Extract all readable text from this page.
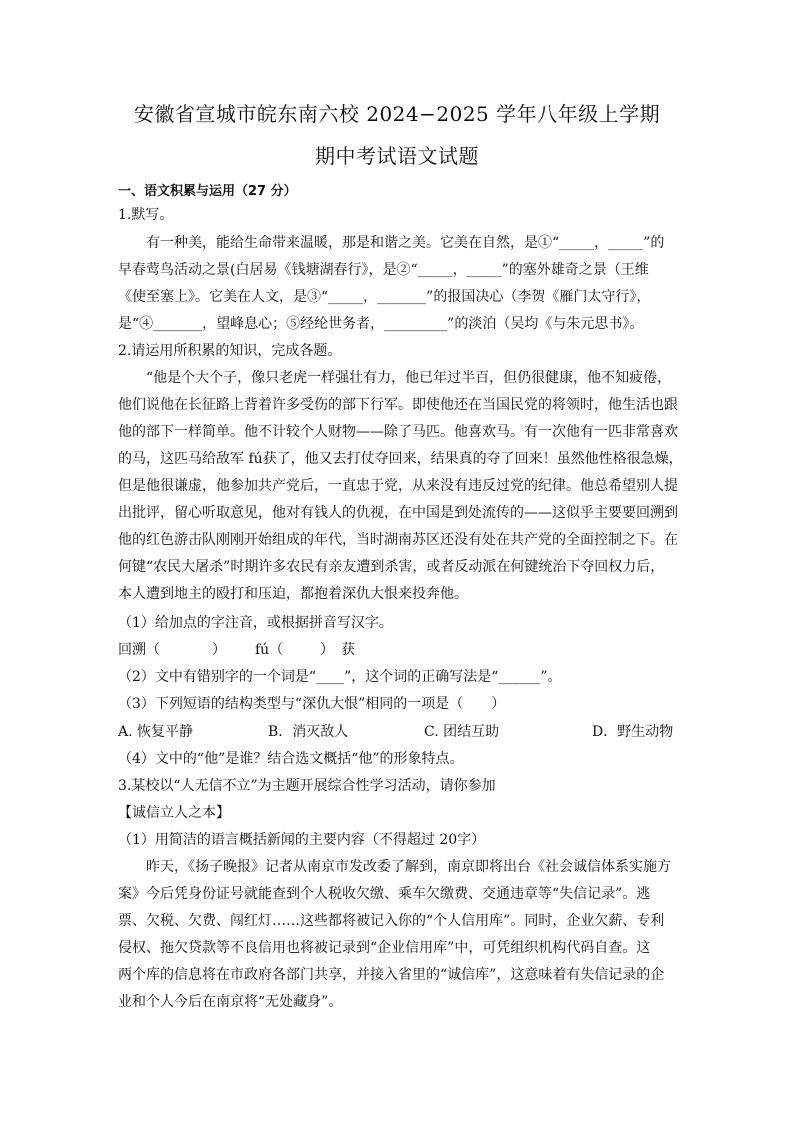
安徽省宣城市皖东南六校 2024−2025 学年八年级上学期
期中考试语文试题
一、语文积累与运用（27 分）
1.默写。
有一种美，能给生命带来温暖，那是和谐之美。它美在自然，是①“_____，_____”的
早春莺鸟活动之景(白居易《钱塘湖春行》，是②“_____，_____”的塞外雄奇之景（王维
《使至塞上》。它美在人文，是③“_____，_______”的报国决心（李贺《雁门太守行》，
是“④_______，望峰息心；⑤经纶世务者，_________”的淡泊（吴均《与朱元思书》。
2.请运用所积累的知识，完成各题。
“他是个大个子，像只老虎一样强壮有力，他已年过半百，但仍很健康，他不知疲倦，
他们说他在长征路上背着许多受伤的部下行军。即使他还在当国民党的将领时，他生活也跟
他的部下一样简单。他不计较个人财物——除了马匹。他喜欢马。有一次他有一匹非常喜欢
的马，这匹马给敌军 fú获了，他又去打仗夺回来，结果真的夺了回来！虽然他性格很急燥，
但是他很谦虚，他参加共产党后，一直忠于党，从来没有违反过党的纪律。他总希望别人提
出批评，留心听取意见，他对有钱人的仇视，在中国是到处流传的——这似乎主要要回溯到
他的红色游击队刚刚开始组成的年代，当时湖南苏区还没有处在共产党的全面控制之下。在
何键“农民大屠杀”时期许多农民有亲友遭到杀害，或者反动派在何键统治下夺回权力后，
本人遭到地主的殴打和压迫，都抱着深仇大恨来投奔他。
（1）给加点的字注音，或根据拼音写汉字。
回溯（	） fú（	）　获
（2）文中有错别字的一个词是“____”，这个词的正确写法是“______”。
（3）下列短语的结构类型与“深仇大恨”相同的一项是（　　）
A. 恢复平静	B．消灭敌人	C. 团结互助	D．野生动物
（4）文中的“他”是谁？结合选文概括“他”的形象特点。
3.某校以“人无信不立”为主题开展综合性学习活动，请你参加
【诚信立人之本】
（1）用简洁的语言概括新闻的主要内容（不得超过 20字）
昨天，《扬子晚报》记者从南京市发改委了解到，南京即将出台《社会诚信体系实施方
案》今后凭身份证号就能查到个人税收欠缴、乘车欠缴费、交通违章等“失信记录”。逃
票、欠税、欠费、闯红灯……这些都将被记入你的“个人信用库”。同时，企业欠薪、专利
侵权、拖欠贷款等不良信用也将被记录到“企业信用库”中，可凭组织机构代码自查。这
两个库的信息将在市政府各部门共享，并接入省里的“诚信库”，这意味着有失信记录的企
业和个人今后在南京将“无处藏身”。
